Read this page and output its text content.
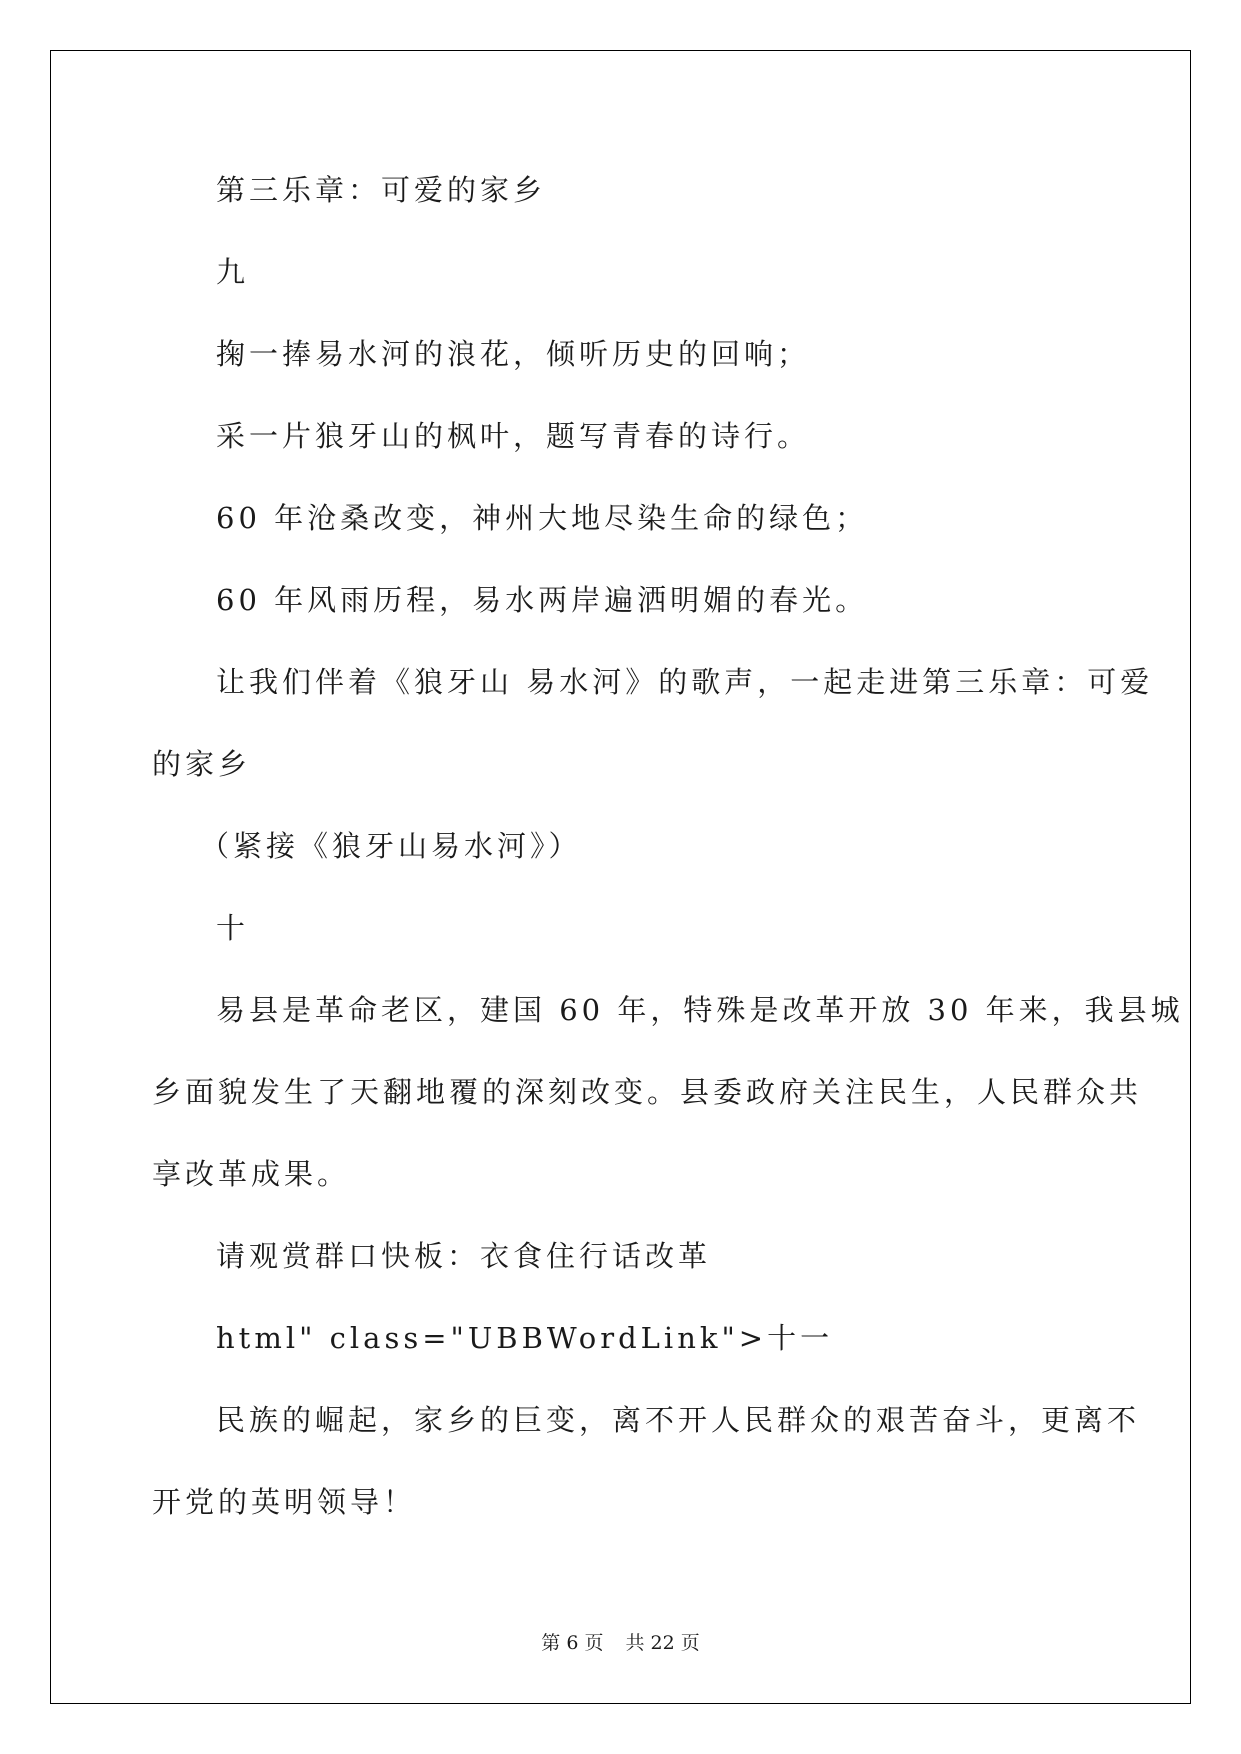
第三乐章：可爱的家乡
九
掬一捧易水河的浪花，倾听历史的回响；
采一片狼牙山的枫叶，题写青春的诗行。
60 年沧桑改变，神州大地尽染生命的绿色；
60 年风雨历程，易水两岸遍洒明媚的春光。
让我们伴着《狼牙山 易水河》的歌声，一起走进第三乐章：可爱
的家乡
（紧接《狼牙山易水河》）
十
易县是革命老区，建国 60 年，特殊是改革开放 30 年来，我县城
乡面貌发生了天翻地覆的深刻改变。县委政府关注民生，人民群众共
享改革成果。
请观赏群口快板：衣食住行话改革
html" class="UBBWordLink">十一
民族的崛起，家乡的巨变，离不开人民群众的艰苦奋斗，更离不
开党的英明领导！
第 6 页 共 22 页
